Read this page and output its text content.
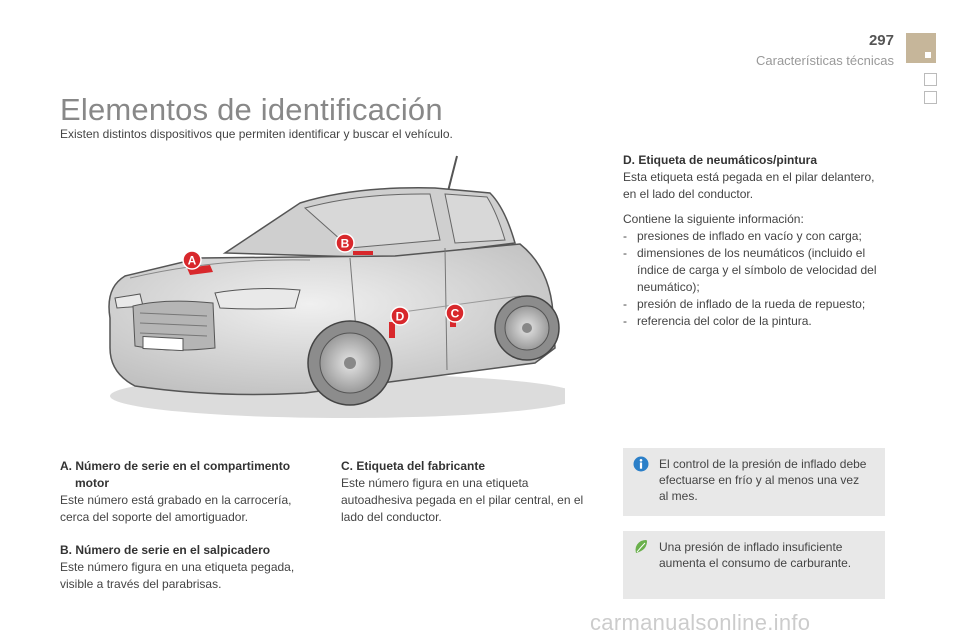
297
Características técnicas
Elementos de identificación
Existen distintos dispositivos que permiten identificar y buscar el vehículo.
A
B
C
D
A. Número de serie en el compartimento
motor
Este número está grabado en la carrocería,
cerca del soporte del amortiguador.
B. Número de serie en el salpicadero
Este número figura en una etiqueta pegada,
visible a través del parabrisas.
C. Etiqueta del fabricante
Este número figura en una etiqueta
autoadhesiva pegada en el pilar central, en el
lado del conductor.

D. Etiqueta de neumáticos/pintura

Esta etiqueta está pegada en el pilar delantero,

en el lado del conductor.

Contiene la siguiente información:

- presiones de inflado en vacío y con carga;
- dimensiones de los neumáticos (incluido el índice de carga y el símbolo de velocidad del neumático);
- presión de inflado de la rueda de repuesto;
- referencia del color de la pintura.
El control de la presión de inflado debe
efectuarse en frío y al menos una vez
al mes.
Una presión de inflado insuficiente
aumenta el consumo de carburante.
carmanualsonline.info
